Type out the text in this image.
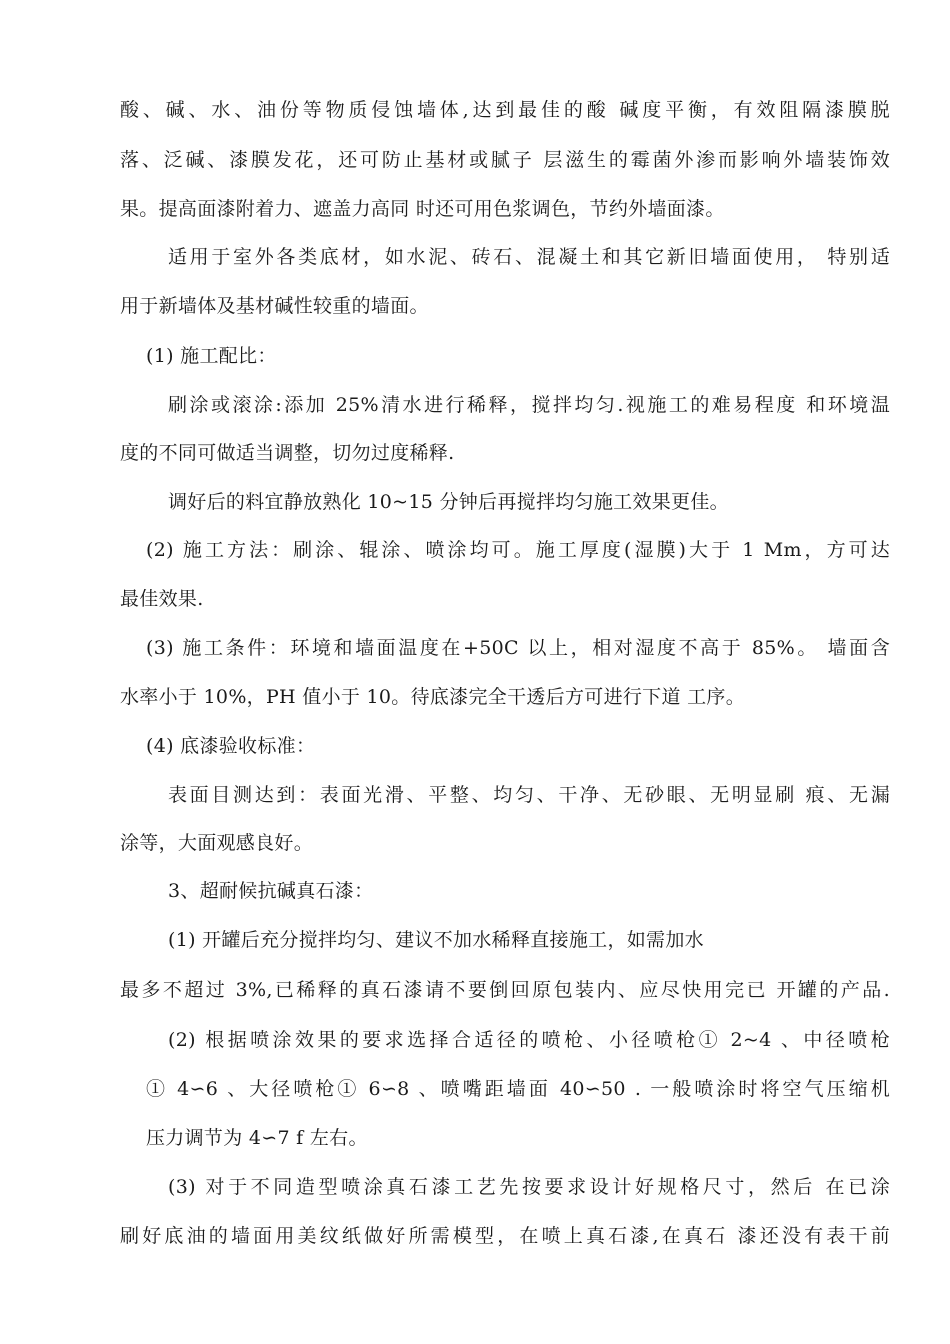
酸、碱、水、油份等物质侵蚀墙体,达到最佳的酸 碱度平衡，有效阻隔漆膜脱
落、泛碱、漆膜发花，还可防止基材或腻子 层滋生的霉菌外渗而影响外墙装饰效
果。提高面漆附着力、遮盖力高同 时还可用色浆调色，节约外墙面漆。
适用于室外各类底材，如水泥、砖石、混凝土和其它新旧墙面使用， 特别适
用于新墙体及基材碱性较重的墙面。
(1) 施工配比：
刷涂或滚涂:添加 25%清水进行稀释，搅拌均匀.视施工的难易程度 和环境温
度的不同可做适当调整，切勿过度稀释.
调好后的料宜静放熟化 10~15 分钟后再搅拌均匀施工效果更佳。
(2) 施工方法：刷涂、辊涂、喷涂均可。施工厚度(湿膜)大于 1 Mm，方可达
最佳效果.
(3) 施工条件：环境和墙面温度在+50C 以上，相对湿度不高于 85%。 墙面含
水率小于 10%，PH 值小于 10。待底漆完全干透后方可进行下道 工序。
(4) 底漆验收标准：
表面目测达到：表面光滑、平整、均匀、干净、无砂眼、无明显刷 痕、无漏
涂等，大面观感良好。
3、超耐候抗碱真石漆：
(1) 开罐后充分搅拌均匀、建议不加水稀释直接施工，如需加水
最多不超过 3%,已稀释的真石漆请不要倒回原包装内、应尽快用完已 开罐的产品.
(2) 根据喷涂效果的要求选择合适径的喷枪、小径喷枪① 2~4 、中径喷枪
① 4∽6 、大径喷枪① 6∽8 、喷嘴距墙面 40∽50 . 一般喷涂时将空气压缩机
压力调节为 4∽7 f 左右。
(3) 对于不同造型喷涂真石漆工艺先按要求设计好规格尺寸，然后 在已涂
刷好底油的墙面用美纹纸做好所需模型，在喷上真石漆,在真石 漆还没有表干前
